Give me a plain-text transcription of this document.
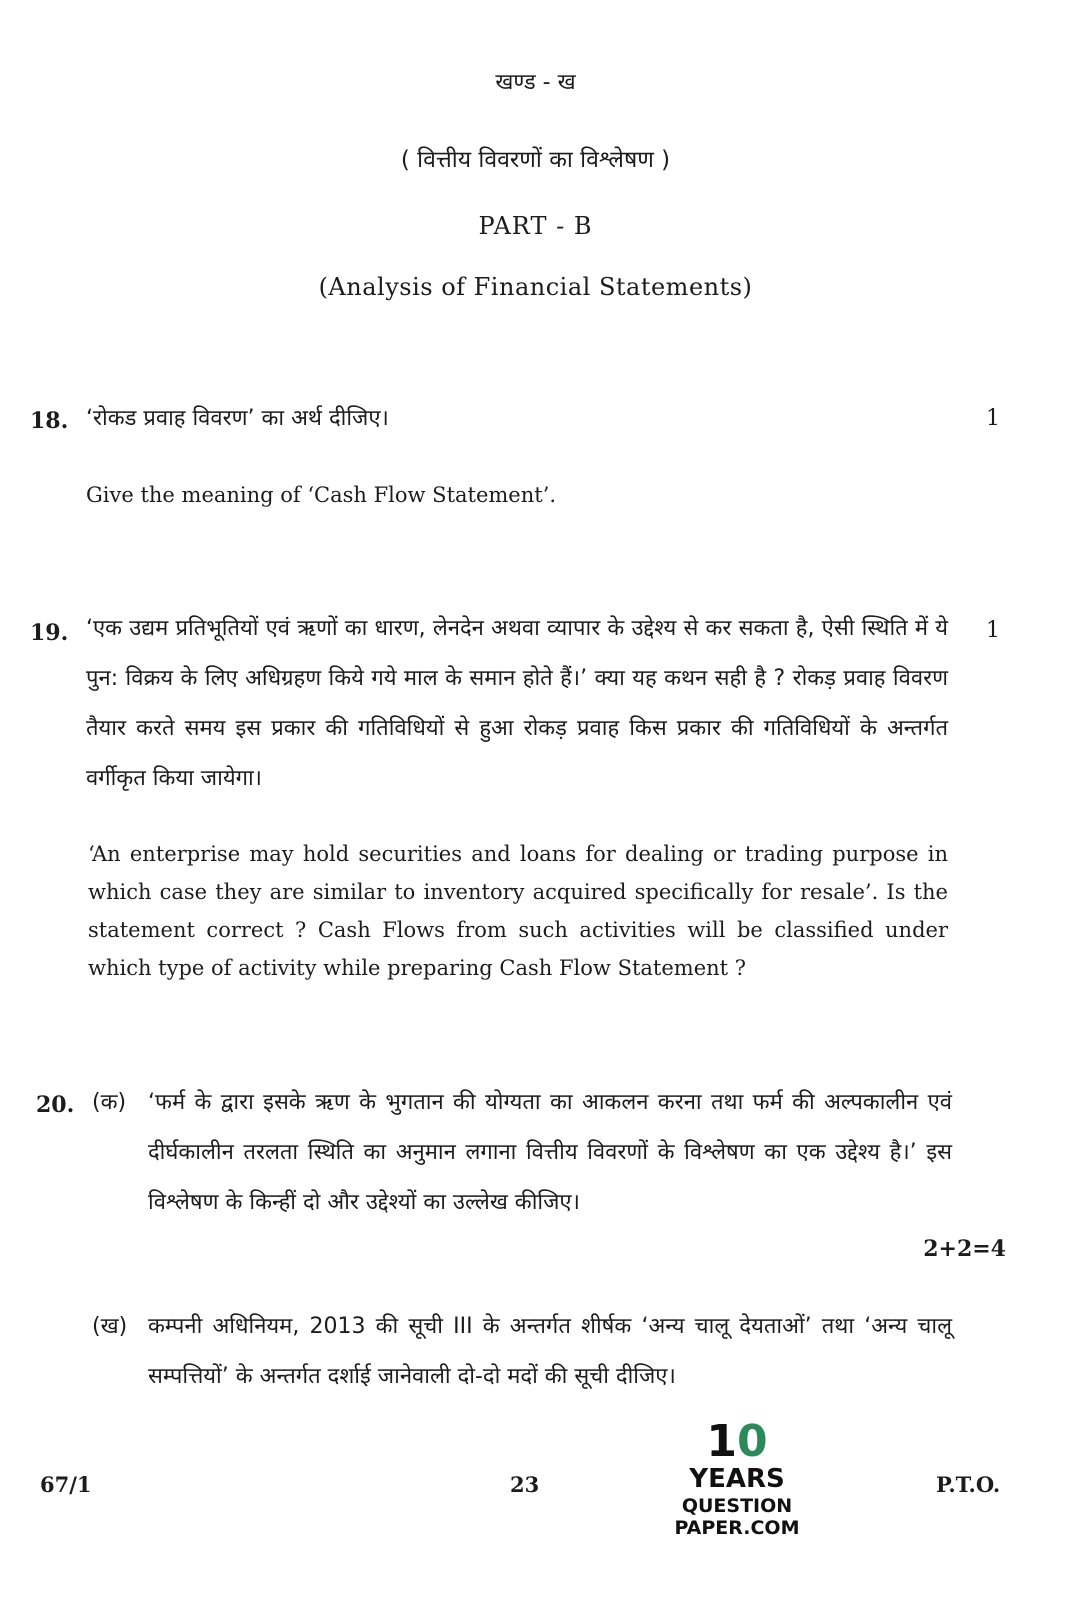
खण्ड - ख
( वित्तीय विवरणों का विश्लेषण )
PART - B
(Analysis of Financial Statements)
18. ‘रोकड प्रवाह विवरण’ का अर्थ दीजिए।	1
Give the meaning of ‘Cash Flow Statement’.
19. ‘एक उद्यम प्रतिभूतियों एवं ऋणों का धारण, लेनदेन अथवा व्यापार के उद्देश्य से कर सकता है, ऐसी स्थिति में ये पुन: विक्रय के लिए अधिग्रहण किये गये माल के समान होते हैं।’ क्या यह कथन सही है ? रोकड़ प्रवाह विवरण तैयार करते समय इस प्रकार की गतिविधियों से हुआ रोकड़ प्रवाह किस प्रकार की गतिविधियों के अन्तर्गत वर्गीकृत किया जायेगा।
1
‘An enterprise may hold securities and loans for dealing or trading purpose in which case they are similar to inventory acquired specifically for resale’. Is the statement correct ? Cash Flows from such activities will be classified under which type of activity while preparing Cash Flow Statement ?
20. (क) ‘फर्म के द्वारा इसके ऋण के भुगतान की योग्यता का आकलन करना तथा फर्म की अल्पकालीन एवं दीर्घकालीन तरलता स्थिति का अनुमान लगाना वित्तीय विवरणों के विश्लेषण का एक उद्देश्य है।’ इस विश्लेषण के किन्हीं दो और उद्देश्यों का उल्लेख कीजिए।
2+2=4
(ख) कम्पनी अधिनियम, 2013 की सूची III के अन्तर्गत शीर्षक ‘अन्य चालू देयताओं’ तथा ‘अन्य चालू सम्पत्तियों’ के अन्तर्गत दर्शाई जानेवाली दो-दो मदों की सूची दीजिए।
67/1	23	P.T.O.
10
YEARS
QUESTION PAPER.COM
